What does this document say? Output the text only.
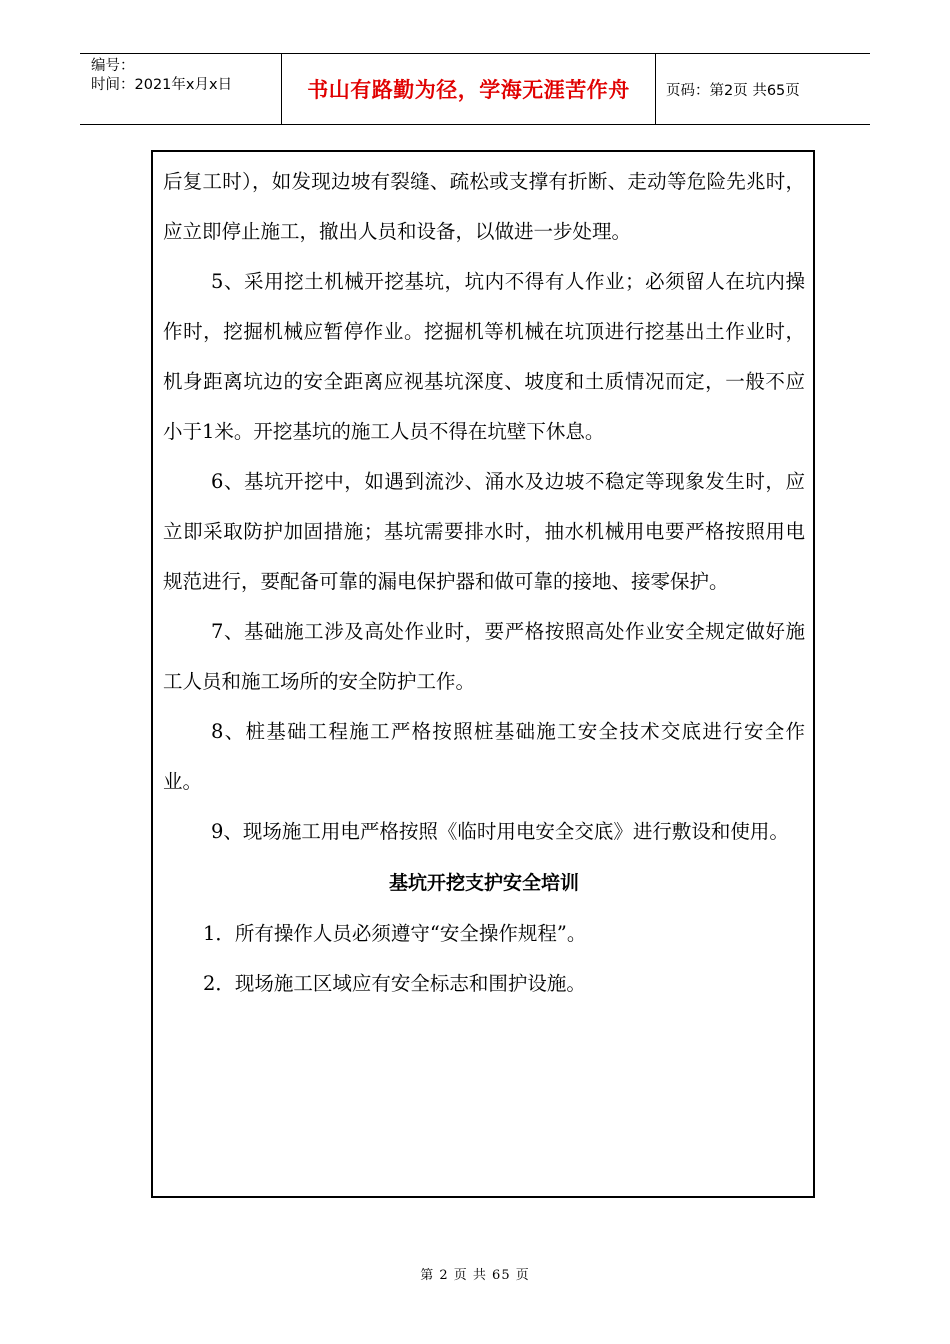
编号：
时间：2021年x月x日	书山有路勤为径，学海无涯苦作舟	页码：第2页 共65页

后复工时），如发现边坡有裂缝、疏松或支撑有折断、走动等危险先兆时，应立即停止施工，撤出人员和设备，以做进一步处理。

5、采用挖土机械开挖基坑，坑内不得有人作业；必须留人在坑内操作时，挖掘机械应暂停作业。挖掘机等机械在坑顶进行挖基出土作业时，机身距离坑边的安全距离应视基坑深度、坡度和土质情况而定，一般不应小于1米。开挖基坑的施工人员不得在坑壁下休息。

6、基坑开挖中，如遇到流沙、涌水及边坡不稳定等现象发生时，应立即采取防护加固措施；基坑需要排水时，抽水机械用电要严格按照用电规范进行，要配备可靠的漏电保护器和做可靠的接地、接零保护。

7、基础施工涉及高处作业时，要严格按照高处作业安全规定做好施工人员和施工场所的安全防护工作。

8、桩基础工程施工严格按照桩基础施工安全技术交底进行安全作业。

9、现场施工用电严格按照《临时用电安全交底》进行敷设和使用。

基坑开挖支护安全培训

1．所有操作人员必须遵守“安全操作规程”。

2．现场施工区域应有安全标志和围护设施。

第 2 页 共 65 页
